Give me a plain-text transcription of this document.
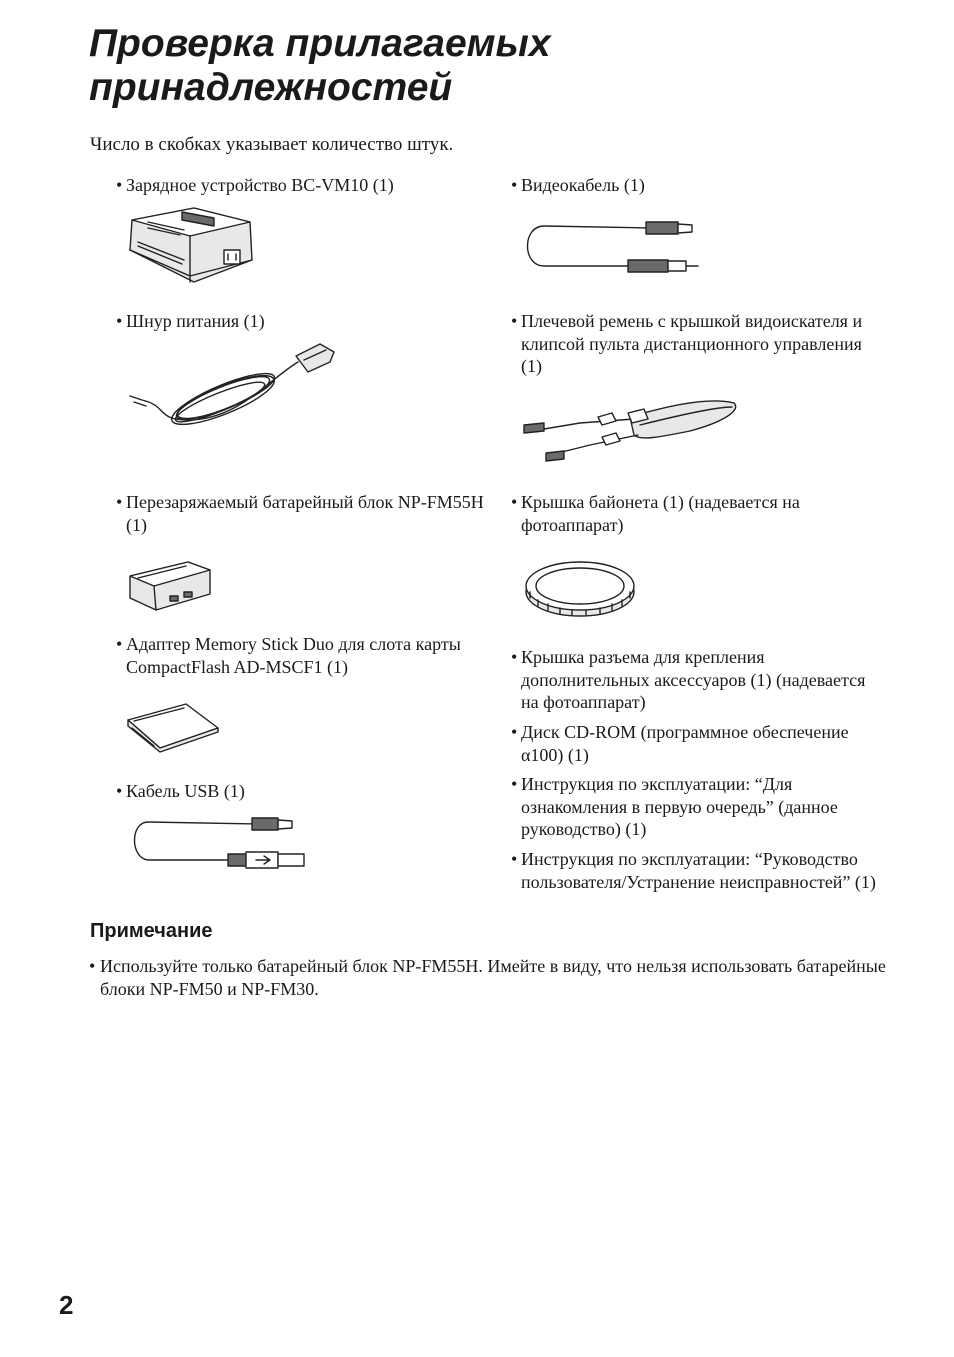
Проверка прилагаемых
принадлежностей

Число в скобках указывает количество штук.

• Зарядное устройство BC-VM10 (1)

• Шнур питания (1)

• Перезаряжаемый батарейный блок NP-FM55H (1)

• Адаптер Memory Stick Duo для слота карты CompactFlash AD-MSCF1 (1)

• Кабель USB (1)

• Видеокабель (1)

• Плечевой ремень с крышкой видоискателя и клипсой пульта дистанционного управления (1)

• Крышка байонета (1) (надевается на фотоаппарат)

• Крышка разъема для крепления дополнительных аксессуаров (1) (надевается на фотоаппарат)

• Диск CD-ROM (программное обеспечение α100) (1)

• Инструкция по эксплуатации: “Для ознакомления в первую очередь” (данное руководство) (1)

• Инструкция по эксплуатации: “Руководство пользователя/Устранение неисправностей” (1)

Примечание

• Используйте только батарейный блок NP-FM55H. Имейте в виду, что нельзя использовать батарейные блоки NP-FM50 и NP-FM30.

2
